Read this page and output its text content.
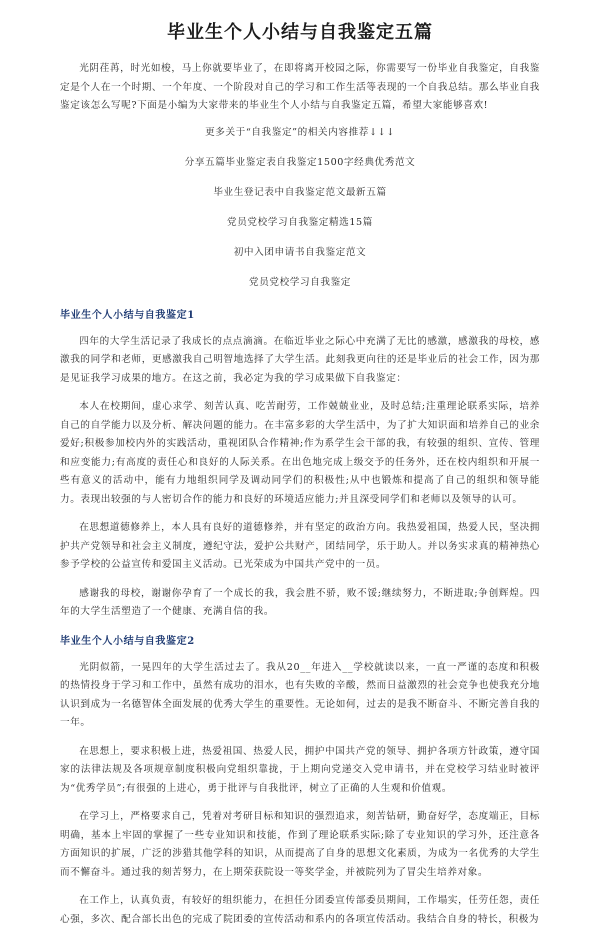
毕业生个人小结与自我鉴定五篇

光阴荏苒，时光如梭，马上你就要毕业了，在即将离开校园之际，你需要写一份毕业自我鉴定，自我鉴定是个人在一个时期、一个年度、一个阶段对自己的学习和工作生活等表现的一个自我总结。那么毕业自我鉴定该怎么写呢?下面是小编为大家带来的毕业生个人小结与自我鉴定五篇，希望大家能够喜欢!

更多关于“自我鉴定”的相关内容推荐↓↓↓

分享五篇毕业鉴定表自我鉴定1500字经典优秀范文

毕业生登记表中自我鉴定范文最新五篇

党员党校学习自我鉴定精选15篇

初中入团申请书自我鉴定范文

党员党校学习自我鉴定

毕业生个人小结与自我鉴定1

四年的大学生活记录了我成长的点点滴滴。在临近毕业之际心中充满了无比的感激，感激我的母校，感激我的同学和老师，更感激我自己明智地选择了大学生活。此刻我更向往的还是毕业后的社会工作，因为那是见证我学习成果的地方。在这之前，我必定为我的学习成果做下自我鉴定：

本人在校期间，虚心求学、刻苦认真、吃苦耐劳，工作兢兢业业，及时总结;注重理论联系实际，培养自己的自学能力以及分析、解决问题的能力。在丰富多彩的大学生活中，为了扩大知识面和培养自己的业余爱好;积极参加校内外的实践活动，重视团队合作精神;作为系学生会干部的我，有较强的组织、宣传、管理和应变能力;有高度的责任心和良好的人际关系。在出色地完成上级交予的任务外，还在校内组织和开展一些有意义的活动中，能有力地组织同学及调动同学们的积极性;从中也锻炼和提高了自己的组织和领导能力。表现出较强的与人密切合作的能力和良好的环境适应能力;并且深受同学们和老师以及领导的认可。

在思想道德修养上，本人具有良好的道德修养，并有坚定的政治方向。我热爱祖国，热爱人民，坚决拥护共产党领导和社会主义制度，遵纪守法，爱护公共财产，团结同学，乐于助人。并以务实求真的精神热心参予学校的公益宣传和爱国主义活动。已光荣成为中国共产党中的一员。

感谢我的母校，谢谢你孕育了一个成长的我，我会胜不骄，败不馁;继续努力，不断进取;争创辉煌。四年的大学生活塑造了一个健康、充满自信的我。

毕业生个人小结与自我鉴定2

光阴似箭，一晃四年的大学生活过去了。我从20__年进入__学校就读以来，一直一严谨的态度和积极的热情投身于学习和工作中，虽然有成功的泪水，也有失败的辛酸，然而日益激烈的社会竞争也使我充分地认识到成为一名德智体全面发展的优秀大学生的重要性。无论如何，过去的是我不断奋斗、不断完善自我的一年。

在思想上，要求积极上进，热爱祖国、热爱人民，拥护中国共产党的领导、拥护各项方针政策，遵守国家的法律法规及各项规章制度积极向党组织靠拢，于上期向党递交入党申请书，并在党校学习结业时被评为“优秀学员”;有很强的上进心，勇于批评与自我批评，树立了正确的人生观和价值观。

在学习上，严格要求自己，凭着对考研目标和知识的强烈追求，刻苦钻研，勤奋好学，态度端正，目标明确，基本上牢固的掌握了一些专业知识和技能，作到了理论联系实际;除了专业知识的学习外，还注意各方面知识的扩展，广泛的涉猎其他学科的知识，从而提高了自身的思想文化素质，为成为一名优秀的大学生而不懈奋斗。通过我的刻苦努力，在上期荣获院设一等奖学金，并被院列为了冒尖生培养对象。

在工作上，认真负责，有较好的组织能力，在担任分团委宣传部委员期间，工作塌实，任劳任怨，责任心强，多次、配合部长出色的完成了院团委的宣传活动和系内的各项宣传活动。我结合自身的特长，积极为
